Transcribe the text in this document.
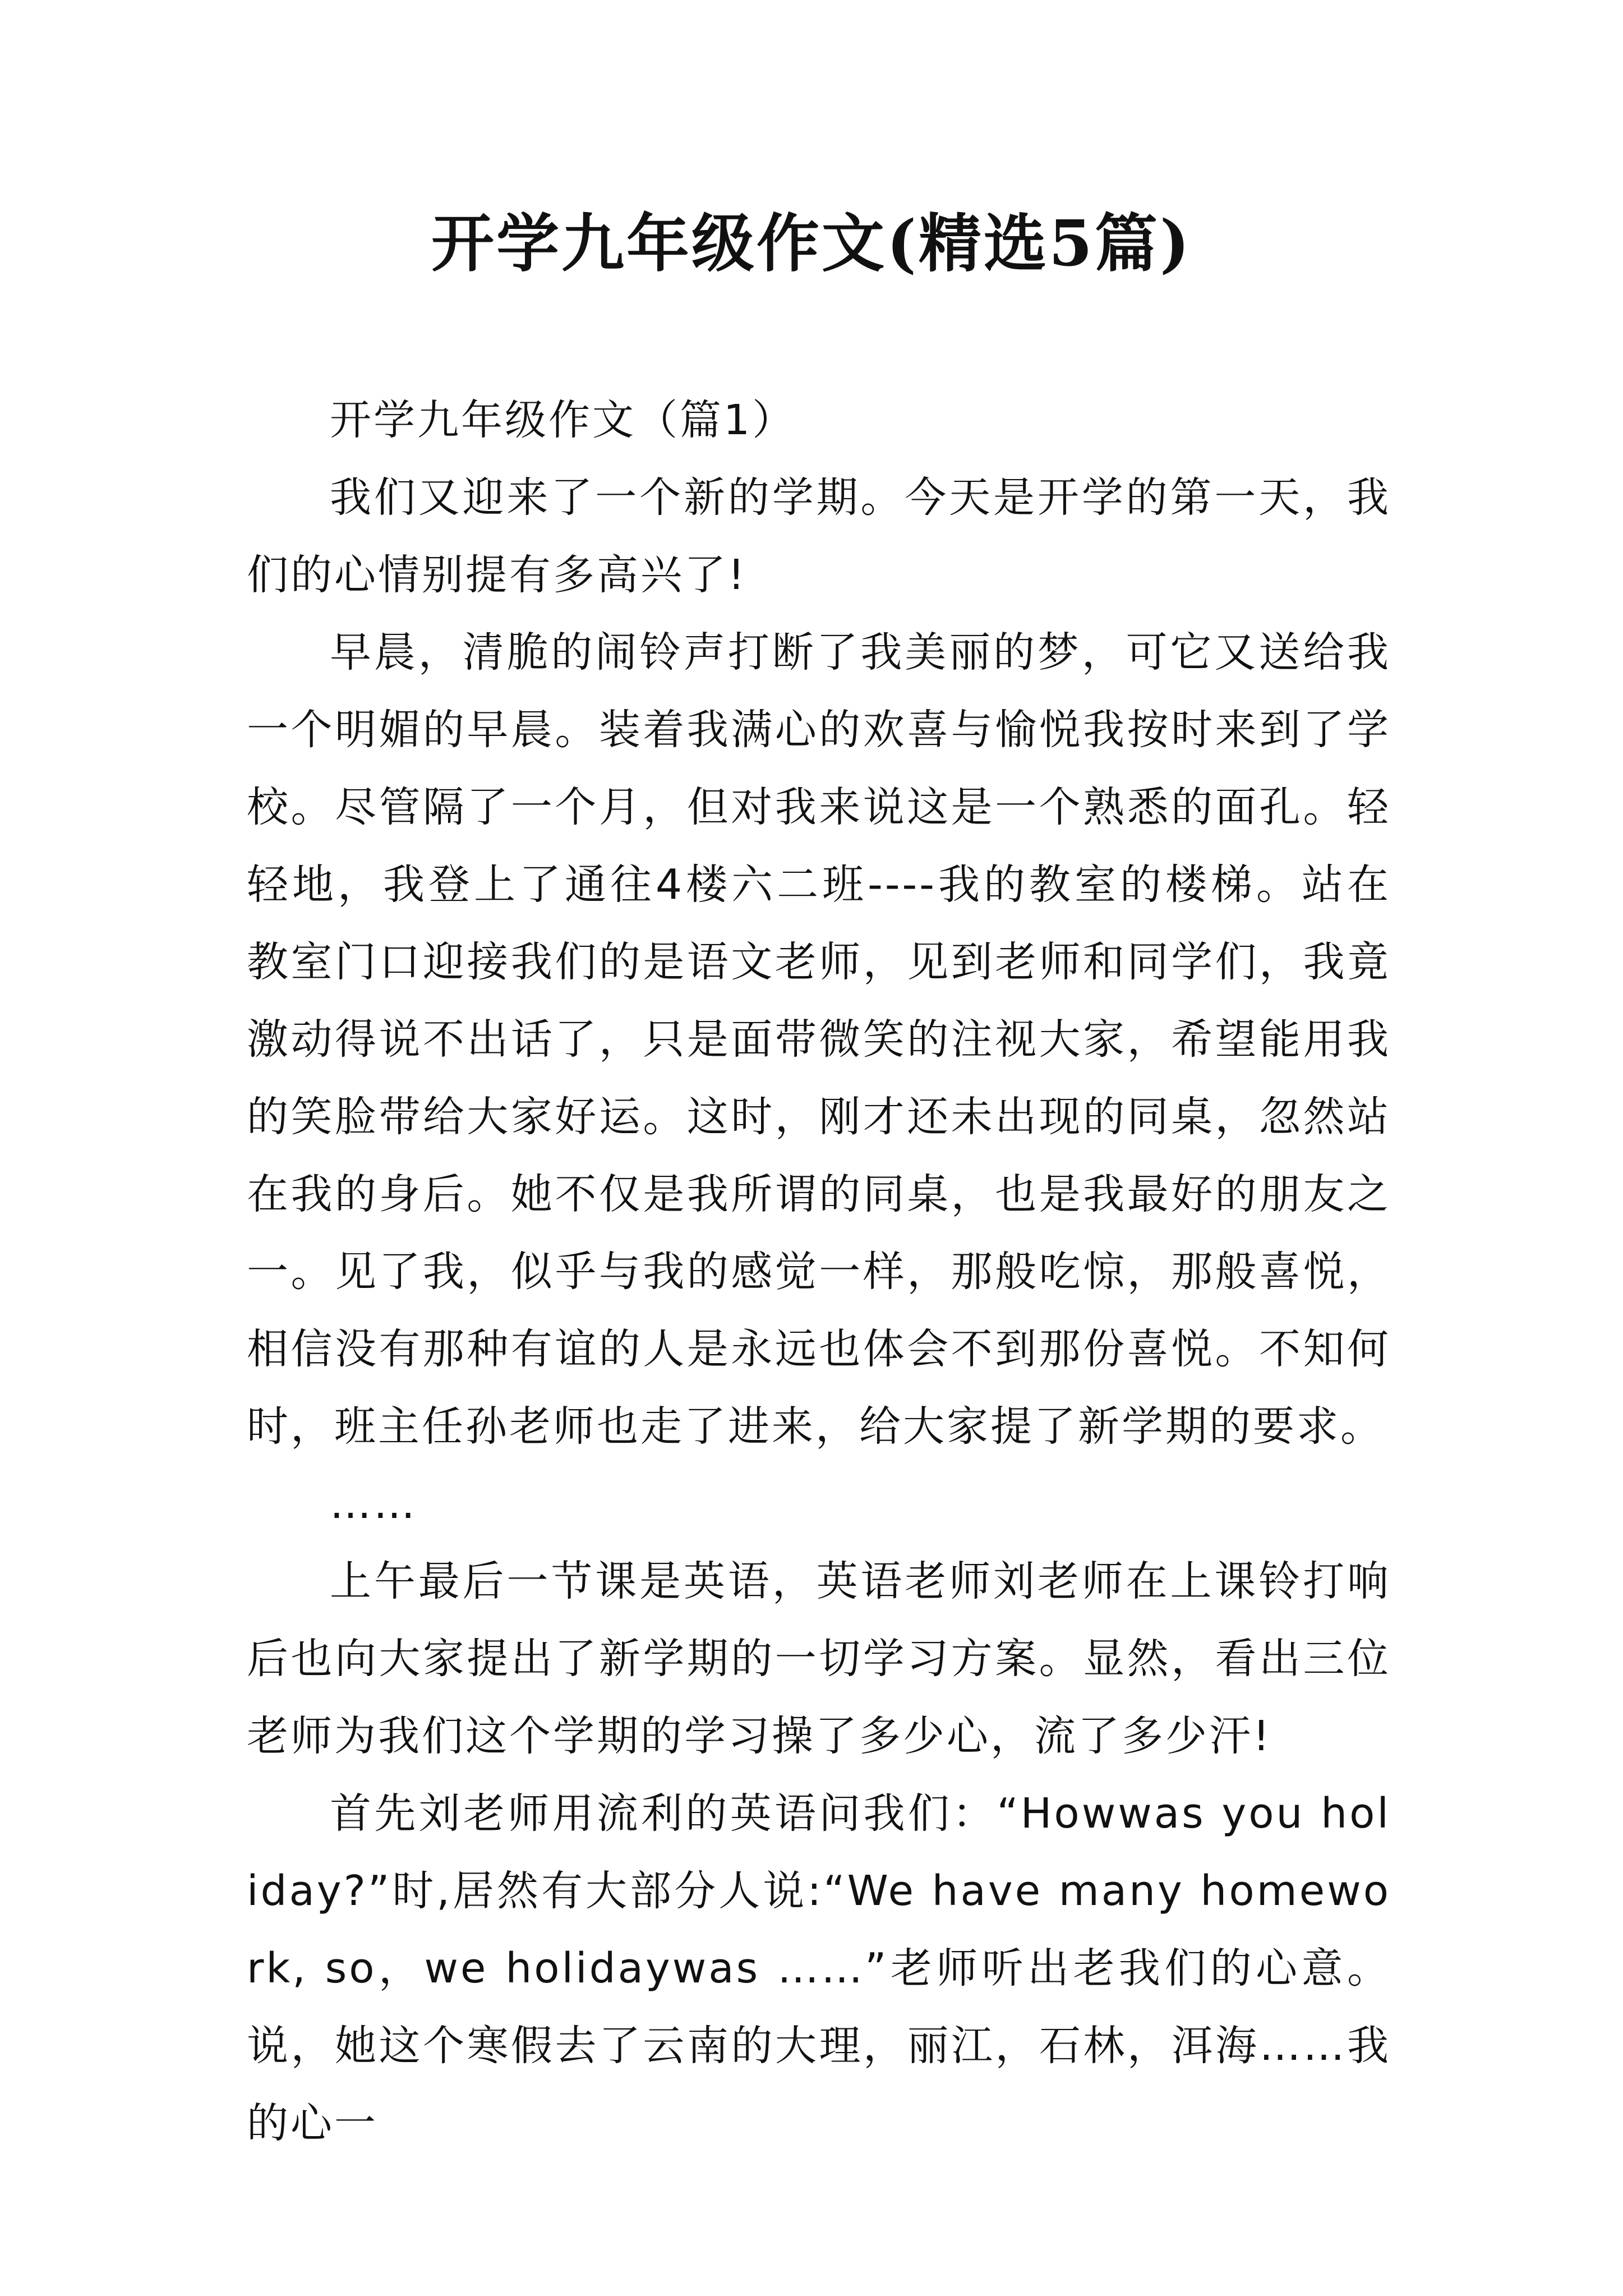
开学九年级作文(精选5篇)

开学九年级作文（篇1）

我们又迎来了一个新的学期。今天是开学的第一天，我们的心情别提有多高兴了!

早晨，清脆的闹铃声打断了我美丽的梦，可它又送给我一个明媚的早晨。装着我满心的欢喜与愉悦我按时来到了学校。尽管隔了一个月，但对我来说这是一个熟悉的面孔。轻轻地，我登上了通往4楼六二班----我的教室的楼梯。站在教室门口迎接我们的是语文老师，见到老师和同学们，我竟激动得说不出话了，只是面带微笑的注视大家，希望能用我的笑脸带给大家好运。这时，刚才还未出现的同桌，忽然站在我的身后。她不仅是我所谓的同桌，也是我最好的朋友之一。见了我，似乎与我的感觉一样，那般吃惊，那般喜悦，相信没有那种有谊的人是永远也体会不到那份喜悦。不知何时，班主任孙老师也走了进来，给大家提了新学期的要求。

……

上午最后一节课是英语，英语老师刘老师在上课铃打响后也向大家提出了新学期的一切学习方案。显然，看出三位老师为我们这个学期的学习操了多少心，流了多少汗!

首先刘老师用流利的英语问我们：“Howwas you holiday?”时,居然有大部分人说:“We have many homework, so，we holidaywas ……”老师听出老我们的心意。说，她这个寒假去了云南的大理，丽江，石林，洱海……我的心一
